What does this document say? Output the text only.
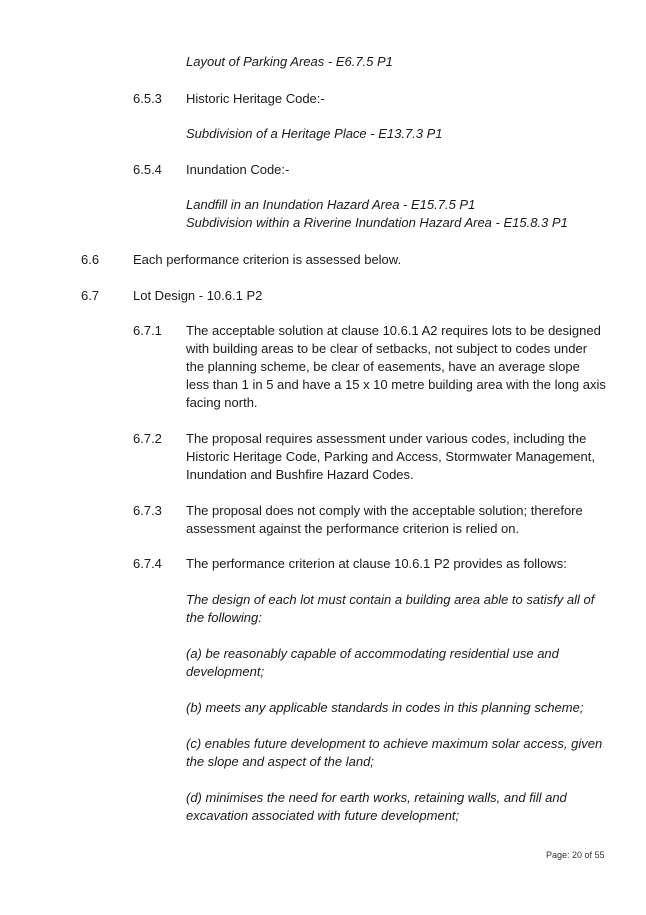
Layout of Parking Areas - E6.7.5 P1
6.5.3 Historic Heritage Code:-
Subdivision of a Heritage Place - E13.7.3 P1
6.5.4 Inundation Code:-
Landfill in an Inundation Hazard Area - E15.7.5 P1
Subdivision within a Riverine Inundation Hazard Area - E15.8.3 P1
6.6	Each performance criterion is assessed below.
6.7	Lot Design - 10.6.1 P2
6.7.1 The acceptable solution at clause 10.6.1 A2 requires lots to be designed with building areas to be clear of setbacks, not subject to codes under the planning scheme, be clear of easements, have an average slope less than 1 in 5 and have a 15 x 10 metre building area with the long axis facing north.
6.7.2 The proposal requires assessment under various codes, including the Historic Heritage Code, Parking and Access, Stormwater Management, Inundation and Bushfire Hazard Codes.
6.7.3 The proposal does not comply with the acceptable solution; therefore assessment against the performance criterion is relied on.
6.7.4 The performance criterion at clause 10.6.1 P2 provides as follows:
The design of each lot must contain a building area able to satisfy all of the following:
(a) be reasonably capable of accommodating residential use and development;
(b) meets any applicable standards in codes in this planning scheme;
(c) enables future development to achieve maximum solar access, given the slope and aspect of the land;
(d) minimises the need for earth works, retaining walls, and fill and excavation associated with future development;
Page: 20 of 55
